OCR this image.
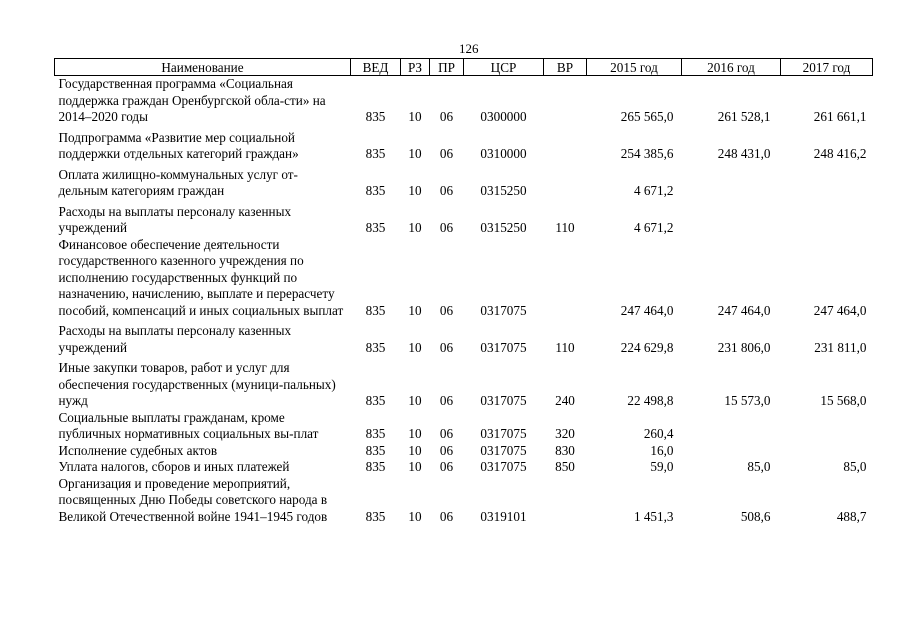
126
Наименование	ВЕД	РЗ	ПР	ЦСР	ВР	2015 год	2016 год	2017 год
Государственная программа «Социальная поддержка граждан Оренбургской обла-сти» на 2014–2020 годы	835	10	06	0300000		265 565,0	261 528,1	261 661,1
Подпрограмма «Развитие мер социальной поддержки отдельных категорий граждан»	835	10	06	0310000		254 385,6	248 431,0	248 416,2
Оплата жилищно-коммунальных услуг от-дельным категориям граждан	835	10	06	0315250		4 671,2		
Расходы на выплаты персоналу казенных учреждений	835	10	06	0315250	110	4 671,2		
Финансовое обеспечение деятельности государственного казенного учреждения по исполнению государственных функций по назначению, начислению, выплате и перерасчету пособий, компенсаций и иных социальных выплат	835	10	06	0317075		247 464,0	247 464,0	247 464,0
Расходы на выплаты персоналу казенных учреждений	835	10	06	0317075	110	224 629,8	231 806,0	231 811,0
Иные закупки товаров, работ и услуг для обеспечения государственных (муници-пальных) нужд	835	10	06	0317075	240	22 498,8	15 573,0	15 568,0
Социальные выплаты гражданам, кроме публичных нормативных социальных вы-плат	835	10	06	0317075	320	260,4		
Исполнение судебных актов	835	10	06	0317075	830	16,0		
Уплата налогов, сборов и иных платежей	835	10	06	0317075	850	59,0	85,0	85,0
Организация и проведение мероприятий, посвященных Дню Победы советского народа в Великой Отечественной войне 1941–1945 годов	835	10	06	0319101		1 451,3	508,6	488,7
